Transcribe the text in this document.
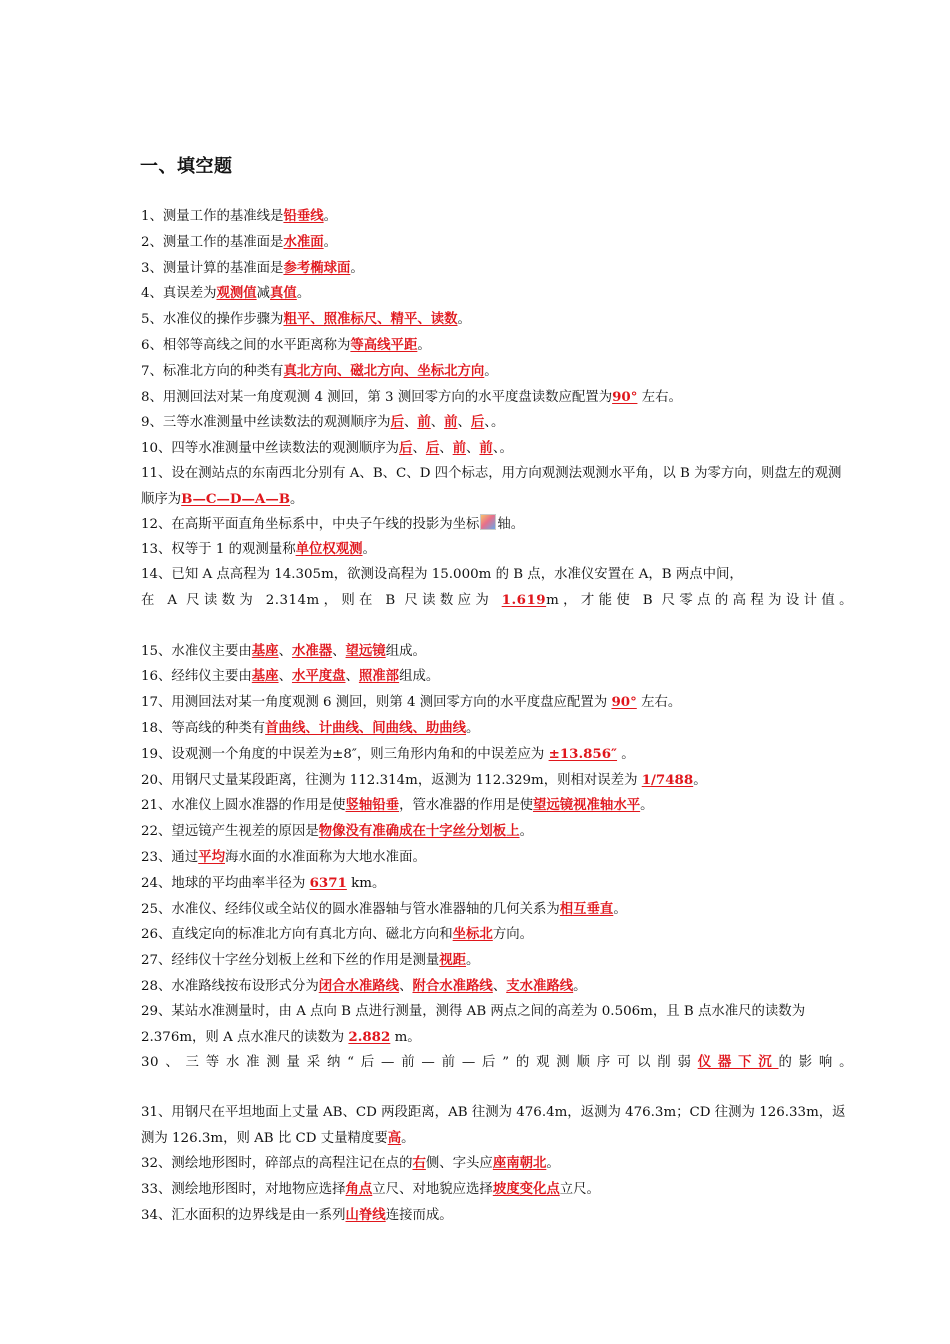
一、填空题
1、测量工作的基准线是铅垂线。
2、测量工作的基准面是水准面。
3、测量计算的基准面是参考椭球面。
4、真误差为观测值减真值。
5、水准仪的操作步骤为粗平、照准标尺、精平、读数。
6、相邻等高线之间的水平距离称为等高线平距。
7、标准北方向的种类有真北方向、磁北方向、坐标北方向。
8、用测回法对某一角度观测 4 测回，第 3 测回零方向的水平度盘读数应配置为90° 左右。
9、三等水准测量中丝读数法的观测顺序为后、前、前、后、。
10、四等水准测量中丝读数法的观测顺序为后、后、前、前、。
11、设在测站点的东南西北分别有 A、B、C、D 四个标志，用方向观测法观测水平角，以 B 为零方向，则盘左的观测顺序为B—C—D—A—B。
12、在高斯平面直角坐标系中，中央子午线的投影为坐标 轴。
13、权等于 1 的观测量称单位权观测。
14、已知 A 点高程为 14.305m，欲测设高程为 15.000m 的 B 点，水准仪安置在 A，B 两点中间，
在 A 尺读数为 2.314m，则在 B 尺读数应为 1.619m，才能使 B 尺零点的高程为设计值。
15、水准仪主要由基座、水准器、望远镜组成。
16、经纬仪主要由基座、水平度盘、照准部组成。
17、用测回法对某一角度观测 6 测回，则第 4 测回零方向的水平度盘应配置为 90° 左右。
18、等高线的种类有首曲线、计曲线、间曲线、助曲线。
19、设观测一个角度的中误差为±8″，则三角形内角和的中误差应为 ±13.856″ 。
20、用钢尺丈量某段距离，往测为 112.314m，返测为 112.329m，则相对误差为 1/7488。
21、水准仪上圆水准器的作用是使竖轴铅垂，管水准器的作用是使望远镜视准轴水平。
22、望远镜产生视差的原因是物像没有准确成在十字丝分划板上。
23、通过平均海水面的水准面称为大地水准面。
24、地球的平均曲率半径为 6371 km。
25、水准仪、经纬仪或全站仪的圆水准器轴与管水准器轴的几何关系为相互垂直。
26、直线定向的标准北方向有真北方向、磁北方向和坐标北方向。
27、经纬仪十字丝分划板上丝和下丝的作用是测量视距。
28、水准路线按布设形式分为闭合水准路线、附合水准路线、支水准路线。
29、某站水准测量时，由 A 点向 B 点进行测量，测得 AB 两点之间的高差为 0.506m，且 B 点水准尺的读数为 2.376m，则 A 点水准尺的读数为 2.882 m。
30、三等水准测量采纳“后—前—前—后”的观测顺序可以削弱仪器下沉的影响。
31、用钢尺在平坦地面上丈量 AB、CD 两段距离，AB 往测为 476.4m，返测为 476.3m；CD 往测为 126.33m，返测为 126.3m，则 AB 比 CD 丈量精度要高。
32、测绘地形图时，碎部点的高程注记在点的右侧、字头应座南朝北。
33、测绘地形图时，对地物应选择角点立尺、对地貌应选择坡度变化点立尺。
34、汇水面积的边界线是由一系列山脊线连接而成。
